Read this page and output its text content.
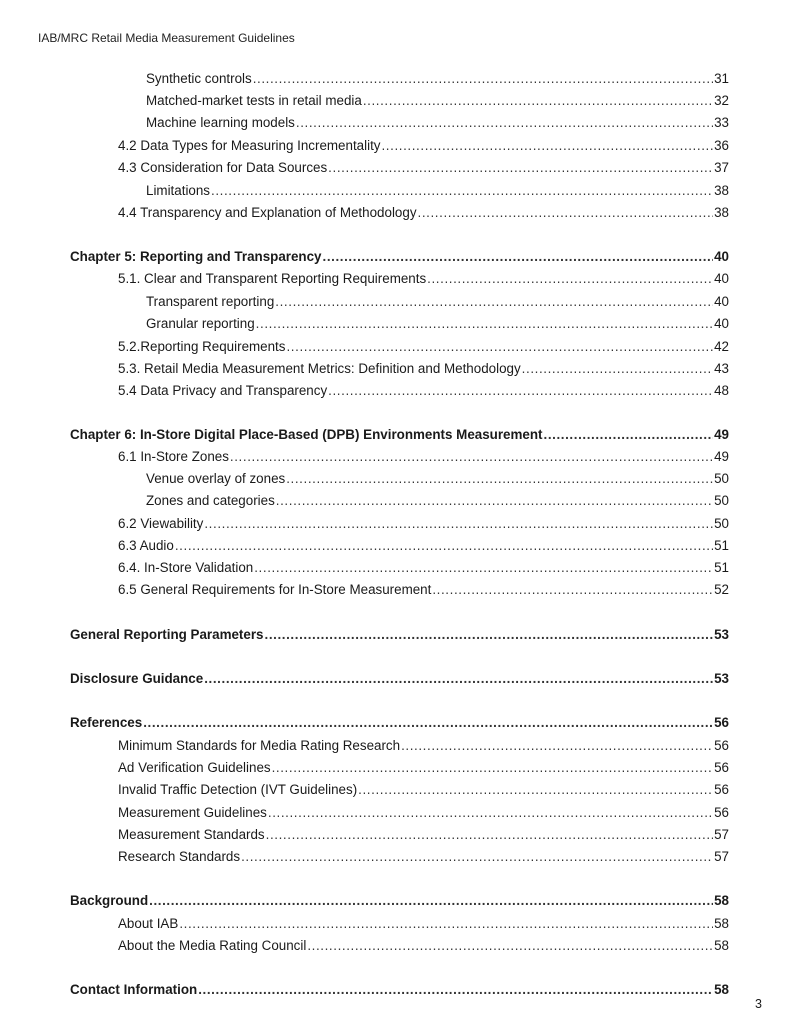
IAB/MRC Retail Media Measurement Guidelines
Synthetic controls .....	31
Matched-market tests in retail media .....	32
Machine learning models .....	33
4.2 Data Types for Measuring Incrementality .....	36
4.3 Consideration for Data Sources .....	37
Limitations .....	38
4.4 Transparency and Explanation of Methodology .....	38
Chapter 5: Reporting and Transparency .....	40
5.1. Clear and Transparent Reporting Requirements .....	40
Transparent reporting .....	40
Granular reporting .....	40
5.2.Reporting Requirements .....	42
5.3. Retail Media Measurement Metrics: Definition and Methodology .....	43
5.4 Data Privacy and Transparency .....	48
Chapter 6: In-Store Digital Place-Based (DPB) Environments Measurement .....	49
6.1 In-Store Zones .....	49
Venue overlay of zones .....	50
Zones and categories .....	50
6.2 Viewability .....	50
6.3 Audio .....	51
6.4. In-Store Validation .....	51
6.5 General Requirements for In-Store Measurement .....	52
General Reporting Parameters .....	53
Disclosure Guidance .....	53
References .....	56
Minimum Standards for Media Rating Research .....	56
Ad Verification Guidelines .....	56
Invalid Traffic Detection (IVT Guidelines) .....	56
Measurement Guidelines .....	56
Measurement Standards .....	57
Research Standards .....	57
Background .....	58
About IAB .....	58
About the Media Rating Council .....	58
Contact Information .....	58
3
